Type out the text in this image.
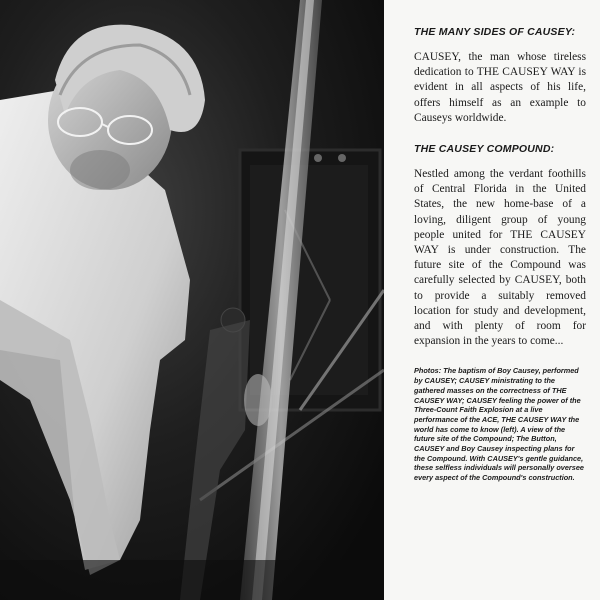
THE MANY SIDES OF CAUSEY:
CAUSEY, the man whose tireless dedication to THE CAUSEY WAY is evident in all aspects of his life, offers himself as an example to Causeys worldwide.
THE CAUSEY COMPOUND:
Nestled among the verdant foothills of Central Florida in the United States, the new home-base of a loving, diligent group of young people united for THE CAUSEY WAY is under construction. The future site of the Compound was carefully selected by CAUSEY, both to provide a suitably removed location for study and development, and with plenty of room for expansion in the years to come...
Photos: The baptism of Boy Causey, performed by CAUSEY; CAUSEY ministrating to the gathered masses on the correctness of THE CAUSEY WAY; CAUSEY feeling the power of the Three-Count Faith Explosion at a live performance of the ACE, THE CAUSEY WAY the world has come to know (left). A view of the future site of the Compound; The Button, CAUSEY and Boy Causey inspecting plans for the Compound. With CAUSEY's gentle guidance, these selfless individuals will personally oversee every aspect of the Compound's construction.
